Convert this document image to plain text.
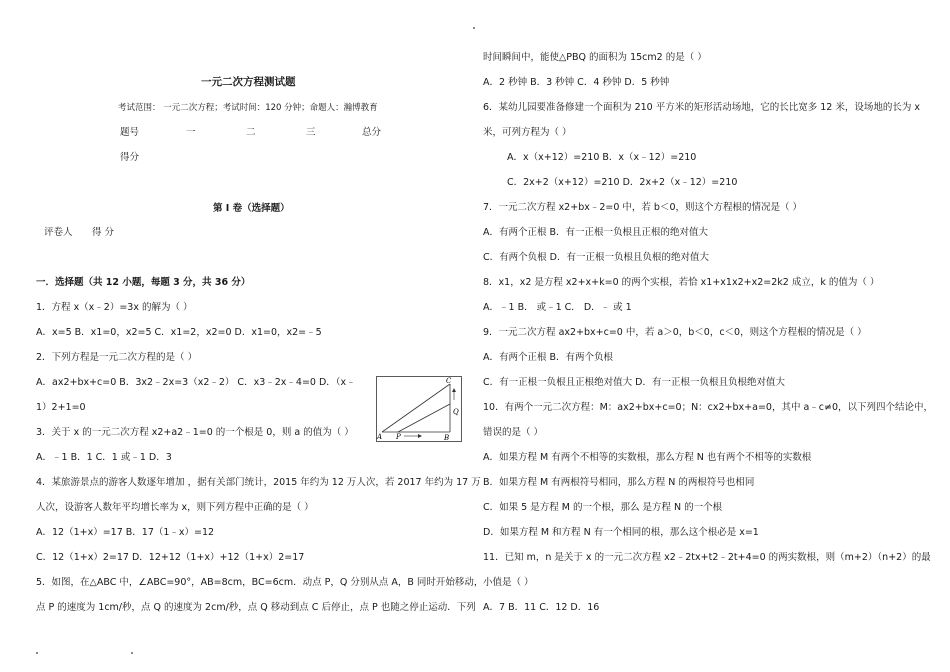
一元二次方程测试题
考试范围： 一元二次方程；考试时间：120 分钟；命题人：瀚博教育
题号	一	二	三	总分
得分
第 I 卷（选择题）
评卷人 得 分
一．选择题（共 12 小题，每题 3 分，共 36 分）
1．方程 x（x﹣2）=3x 的解为（ ）
A．x=5 B．x1=0，x2=5 C．x1=2，x2=0 D．x1=0，x2=﹣5
2．下列方程是一元二次方程的是（ ）
A．ax2+bx+c=0 B．3x2﹣2x=3（x2﹣2） C．x3﹣2x﹣4=0 D．（x﹣
1）2+1=0
3．关于 x 的一元二次方程 x2+a2﹣1=0 的一个根是 0，则 a 的值为（ ）
A．﹣1 B．1 C．1 或﹣1 D．3
4．某旅游景点的游客人数逐年增加 ，据有关部门统计，2015 年约为 12 万人次，若 2017 年约为 17 万
人次，设游客人数年平均增长率为 x，则下列方程中正确的是（ ）
A．12（1+x）=17 B．17（1﹣x）=12
C．12（1+x）2=17 D．12+12（1+x）+12（1+x）2=17
5．如图，在△ABC 中，∠ABC=90°，AB=8cm，BC=6cm．动点 P，Q 分别从点 A，B 同时开始移动，
点 P 的速度为 1cm/秒，点 Q 的速度为 2cm/秒，点 Q 移动到点 C 后停止，点 P 也随之停止运动．下列
C
Q
A P	B
时间瞬间中，能使△PBQ 的面积为 15cm2 的是（ ）
A．2 秒钟 B．3 秒钟 C．4 秒钟 D．5 秒钟
6．某幼儿园要准备修建一个面积为 210 平方米的矩形活动场地，它的长比宽多 12 米，设场地的长为 x
米，可列方程为（ ）
A．x（x+12）=210 B．x（x﹣12）=210
C．2x+2（x+12）=210 D．2x+2（x﹣12）=210
7．一元二次方程 x2+bx﹣2=0 中，若 b＜0，则这个方程根的情况是（ ）
A．有两个正根 B．有一正根一负根且正根的绝对值大
C．有两个负根 D．有一正根一负根且负根的绝对值大
8．x1，x2 是方程 x2+x+k=0 的两个实根，若恰 x1+x1x2+x2=2k2 成立，k 的值为（ ）
A．﹣1 B． 或﹣1 C． D．﹣ 或 1
9．一元二次方程 ax2+bx+c=0 中，若 a＞0，b＜0，c＜0，则这个方程根的情况是（ ）
A．有两个正根 B．有两个负根
C．有一正根一负根且正根绝对值大 D．有一正根一负根且负根绝对值大
10．有两个一元二次方程：M：ax2+bx+c=0；N：cx2+bx+a=0，其中 a﹣c≠0，以下列四个结论中，
错误的是（ ）
A．如果方程 M 有两个不相等的实数根，那么方程 N 也有两个不相等的实数根
B．如果方程 M 有两根符号相同，那么方程 N 的两根符号也相同
C．如果 5 是方程 M 的一个根，那么 是方程 N 的一个根
D．如果方程 M 和方程 N 有一个相同的根，那么这个根必是 x=1
11．已知 m，n 是关于 x 的一元二次方程 x2﹣2tx+t2﹣2t+4=0 的两实数根，则（m+2）（n+2）的最
小值是（ ）
A．7 B．11 C．12 D．16
